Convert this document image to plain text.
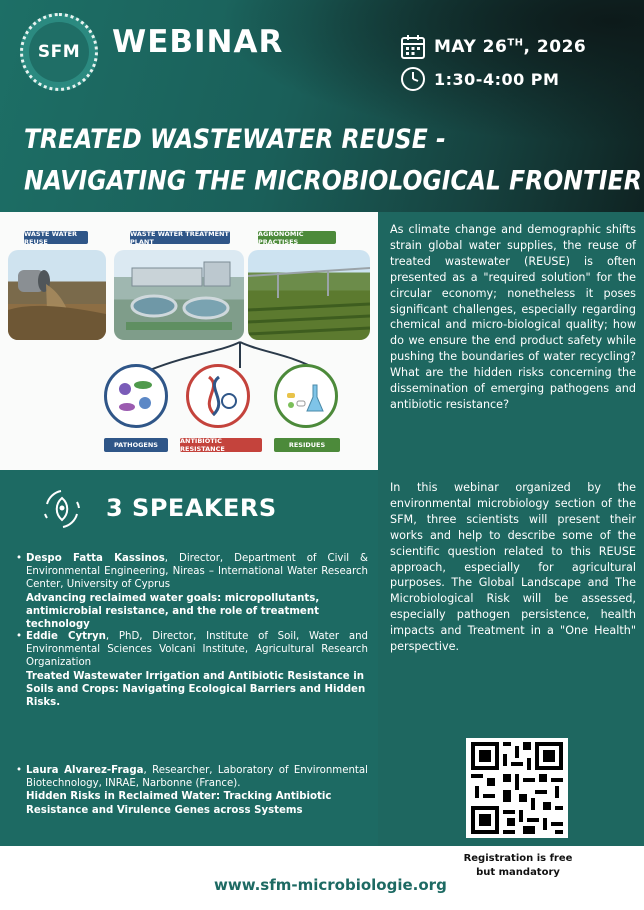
SFM WEBINAR	MAY 26TH, 2026
1:30-4:00 PM
TREATED WASTEWATER REUSE -
NAVIGATING THE MICROBIOLOGICAL FRONTIER
WASTE WATER REUSE
WASTE WATER TREATMENT PLANT
AGRONOMIC PRACTISES
PATHOGENS	ANTIBIOTIC RESISTANCE	RESIDUES
3 SPEAKERS
• Despo Fatta Kassinos, Director, Department of Civil & Environmental Engineering, Nireas – International Water Research Center, University of Cyprus
Advancing reclaimed water goals: micropollutants, antimicrobial resistance, and the role of treatment technology
• Eddie Cytryn, PhD, Director, Institute of Soil, Water and Environmental Sciences Volcani Institute, Agricultural Research Organization
Treated Wastewater Irrigation and Antibiotic Resistance in Soils and Crops: Navigating Ecological Barriers and Hidden Risks.
• Laura Alvarez-Fraga, Researcher, Laboratory of Environmental Biotechnology, INRAE, Narbonne (France).
Hidden Risks in Reclaimed Water: Tracking Antibiotic Resistance and Virulence Genes across Systems
As climate change and demographic shifts strain global water supplies, the reuse of treated wastewater (REUSE) is often presented as a "required solution" for the circular economy; nonetheless it poses significant challenges, especially regarding chemical and micro-biological quality; how do we ensure the end product safety while pushing the boundaries of water recycling? What are the hidden risks concerning the dissemination of emerging pathogens and antibiotic resistance?
In this webinar organized by the environmental microbiology section of the SFM, three scientists will present their works and help to describe some of the scientific question related to this REUSE approach, especially for agricultural purposes. The Global Landscape and The Microbiological Risk will be assessed, especially pathogen persistence, health impacts and Treatment in a "One Health" perspective.
Registration is free
but mandatory
www.sfm-microbiologie.org
